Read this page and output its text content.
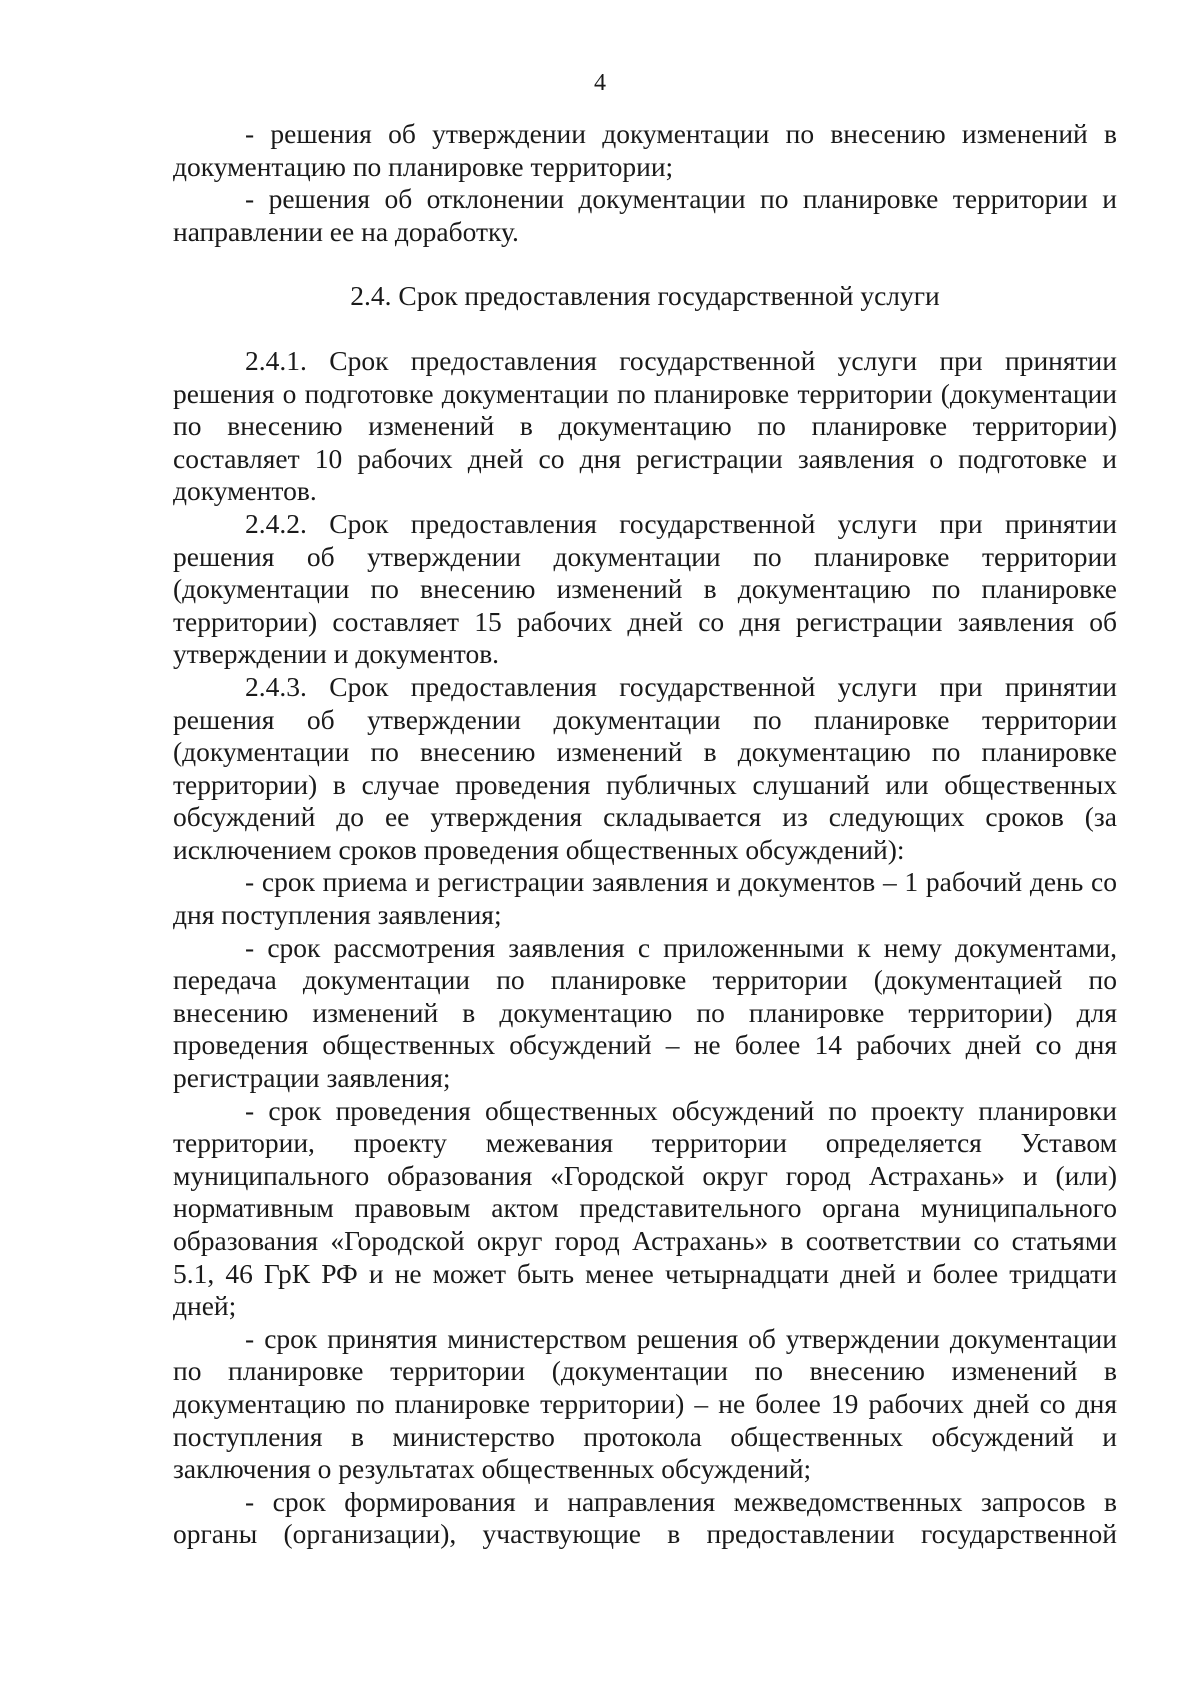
4

- решения об утверждении документации по внесению изменений в документацию по планировке территории;

- решения об отклонении документации по планировке территории и направлении ее на доработку.

2.4. Срок предоставления государственной услуги

2.4.1. Срок предоставления государственной услуги при принятии решения о подготовке документации по планировке территории (документации по внесению изменений в документацию по планировке территории) составляет 10 рабочих дней со дня регистрации заявления о подготовке и документов.

2.4.2. Срок предоставления государственной услуги при принятии решения об утверждении документации по планировке территории (документации по внесению изменений в документацию по планировке территории) составляет 15 рабочих дней со дня регистрации заявления об утверждении и документов.

2.4.3. Срок предоставления государственной услуги при принятии решения об утверждении документации по планировке территории (документации по внесению изменений в документацию по планировке территории) в случае проведения публичных слушаний или общественных обсуждений до ее утверждения складывается из следующих сроков (за исключением сроков проведения общественных обсуждений):

- срок приема и регистрации заявления и документов – 1 рабочий день со дня поступления заявления;

- срок рассмотрения заявления с приложенными к нему документами, передача документации по планировке территории (документацией по внесению изменений в документацию по планировке территории) для проведения общественных обсуждений – не более 14 рабочих дней со дня регистрации заявления;

- срок проведения общественных обсуждений по проекту планировки территории, проекту межевания территории определяется Уставом муниципального образования «Городской округ город Астрахань» и (или) нормативным правовым актом представительного органа муниципального образования «Городской округ город Астрахань» в соответствии со статьями 5.1, 46 ГрК РФ и не может быть менее четырнадцати дней и более тридцати дней;

- срок принятия министерством решения об утверждении документации по планировке территории (документации по внесению изменений в документацию по планировке территории) – не более 19 рабочих дней со дня поступления в министерство протокола общественных обсуждений и заключения о результатах общественных обсуждений;

- срок формирования и направления межведомственных запросов в органы (организации), участвующие в предоставлении государственной
